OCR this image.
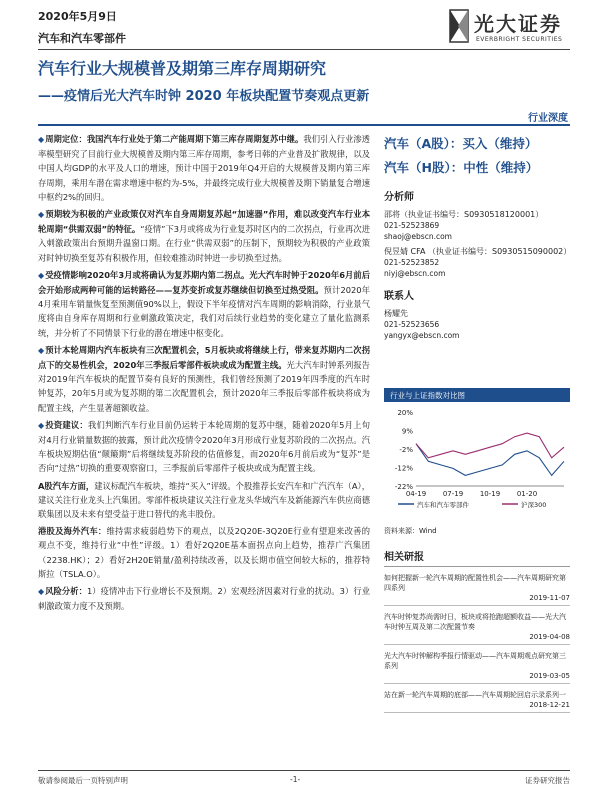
2020年5月9日
汽车和汽车零部件
光大证券
EVERBRIGHT SECURITIES
汽车行业大规模普及期第三库存周期研究
——疫情后光大汽车时钟 2020 年板块配置节奏观点更新
行业深度

◆周期定位：我国汽车行业处于第二产能周期下第三库存周期复苏中继。我们引入行业渗透率模型研究了目前行业大规模普及期内第三库存周期，参考日韩的产业普及扩散规律，以及中国人均GDP的水平及人口的增速，预计中国于2019年Q4开启的大规模普及期内第三库存周期，乘用车潜在需求增速中枢约为-5%，并最终完成行业大规模普及期下销量复合增速中枢约2%的回归。

◆预期较为积极的产业政策仅对汽车自身周期复苏起“加速器”作用，难以改变汽车行业本轮周期“供需双弱”的特征。“疫情”下3月或将成为行业复苏时区内的二次拐点，行业再次进入刺激政策出台预期升温窗口期。在行业“供需双弱”的压制下，预期较为积极的产业政策对时钟切换至复苏有积极作用，但较难推动时钟进一步切换至过热。

◆受疫情影响2020年3月或将确认为复苏期内第二拐点。光大汽车时钟于2020年6月前后会开始形成两种可能的运转路径——复苏变折或复苏继续但切换至过热受阻。预计2020年4月乘用车销量恢复至预测值90%以上，假设下半年疫情对汽车周期的影响消除，行业景气度将由自身库存周期和行业刺激政策决定，我们对后续行业趋势的变化建立了量化监测系统，并分析了不同情景下行业的潜在增速中枢变化。

◆预计本轮周期内汽车板块有三次配置机会，5月板块或将继续上行，带来复苏期内二次拐点下的交易性机会，2020年三季报后零部件板块或成为配置主线。光大汽车时钟系列报告对2019年汽车板块的配置节奏有良好的预测性，我们曾经预测了2019年四季度的汽车时钟复苏，20年5月或为复苏期的第二次配置机会，预计2020年三季报后零部件板块将成为配置主线，产生显著超额收益。

◆投资建议：我们判断汽车行业目前仍运转于本轮周期的复苏中继，随着2020年5月上旬对4月行业销量数据的披露，预计此次疫情令2020年3月形成行业复苏阶段的二次拐点。汽车板块短期估值“颠簸期”后将继续复苏阶段的估值修复，而2020年6月前后或为“复苏”是否向“过热”切换的重要观察窗口，三季报前后零部件子板块或成为配置主线。

A股汽车方面，建议标配汽车板块，维持“买入”评级。个股推荐长安汽车和广汽汽车（A），建议关注行业龙头上汽集团。零部件板块建议关注行业龙头华域汽车及新能源汽车供应商德联集团以及未来有望受益于进口替代的兆丰股份。

港股及海外汽车：维持需求疲弱趋势下的观点，以及2Q20E-3Q20E行业有望迎来改善的观点不变，维持行业“中性”评级。1）看好2Q20E基本面拐点向上趋势，推荐广汽集团（2238.HK）；2）看好2H20E销量/盈利持续改善，以及长期市值空间较大标的，推荐特斯拉（TSLA.O）。

◆风险分析：1）疫情冲击下行业增长不及预期。2）宏观经济因素对行业的扰动。3）行业刺激政策力度不及预期。

汽车（A股）：买入（维持）
汽车（H股）：中性（维持）
分析师
邵将（执业证书编号：S0930518120001）
021-52523869
shaoj@ebscn.com
倪昱婧 CFA （执业证书编号：S0930515090002）
021-52523852
niyj@ebscn.com
联系人
杨耀先
021-52523656
yangyx@ebscn.com
行业与上证指数对比图
20%
9%
-2%
-12%
-22%
04-19 07-19 10-19 01-20
汽车和汽车零部件	沪深300
资料来源：Wind
相关研报
如何把握新一轮汽车周期的配置性机会——汽车周期研究第四系列
2019-11-07
汽车时钟复苏尚需时日，板块或将抢跑超额收益——光大汽车时钟互周及第二次配置节奏
2019-04-08
光大汽车时钟解构季报行情驱动——汽车周期观点研究第三系列
2019-03-05
站在新一轮汽车周期的底部——汽车周期轮回启示录系列一
2018-12-21
敬请参阅最后一页特别声明	-1-	证券研究报告
